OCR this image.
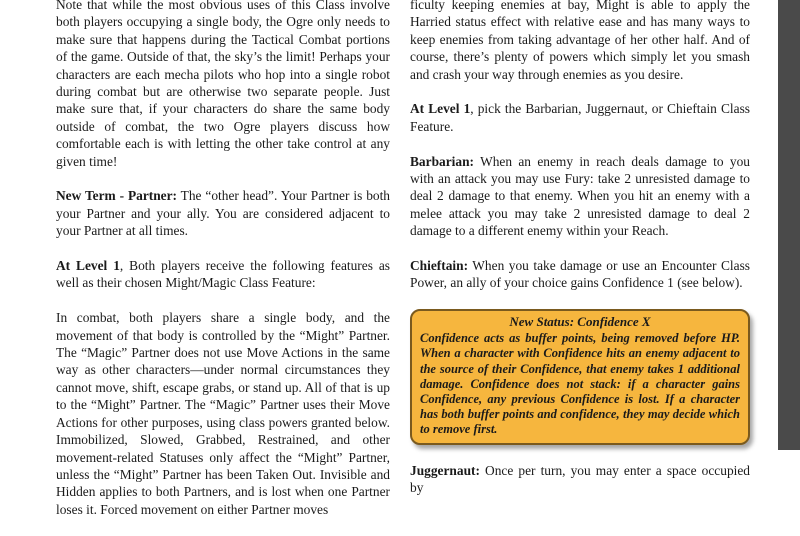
Note that while the most obvious uses of this Class involve both players occupying a single body, the Ogre only needs to make sure that happens during the Tactical Combat portions of the game. Outside of that, the sky’s the limit! Perhaps your characters are each mecha pilots who hop into a single robot during combat but are otherwise two separate people. Just make sure that, if your characters do share the same body outside of combat, the two Ogre players discuss how comfortable each is with letting the other take control at any given time!

New Term - Partner: The “other head”. Your Partner is both your Partner and your ally. You are considered adjacent to your Partner at all times.

At Level 1, Both players receive the following features as well as their chosen Might/Magic Class Feature:

In combat, both players share a single body, and the movement of that body is controlled by the “Might” Partner. The “Magic” Partner does not use Move Actions in the same way as other characters—under normal circumstances they cannot move, shift, escape grabs, or stand up. All of that is up to the “Might” Partner. The “Magic” Partner uses their Move Actions for other purposes, using class powers granted below. Immobilized, Slowed, Grabbed, Restrained, and other movement-related Statuses only affect the “Might” Partner, unless the “Might” Partner has been Taken Out. Invisible and Hidden applies to both Partners, and is lost when one Partner loses it. Forced movement on either Partner moves

ficulty keeping enemies at bay, Might is able to apply the Harried status effect with relative ease and has many ways to keep enemies from taking advantage of her other half. And of course, there’s plenty of powers which simply let you smash and crash your way through enemies as you desire.

At Level 1, pick the Barbarian, Juggernaut, or Chieftain Class Feature.

Barbarian: When an enemy in reach deals damage to you with an attack you may use Fury: take 2 unresisted damage to deal 2 damage to that enemy. When you hit an enemy with a melee attack you may take 2 unresisted damage to deal 2 damage to a different enemy within your Reach.

Chieftain: When you take damage or use an Encounter Class Power, an ally of your choice gains Confidence 1 (see below).

New Status: Confidence X
Confidence acts as buffer points, being removed before HP. When a character with Confidence hits an enemy adjacent to the source of their Confidence, that enemy takes 1 additional damage. Confidence does not stack: if a character gains Confidence, any previous Confidence is lost. If a character has both buffer points and confidence, they may decide which to remove first.

Juggernaut: Once per turn, you may enter a space occupied by
